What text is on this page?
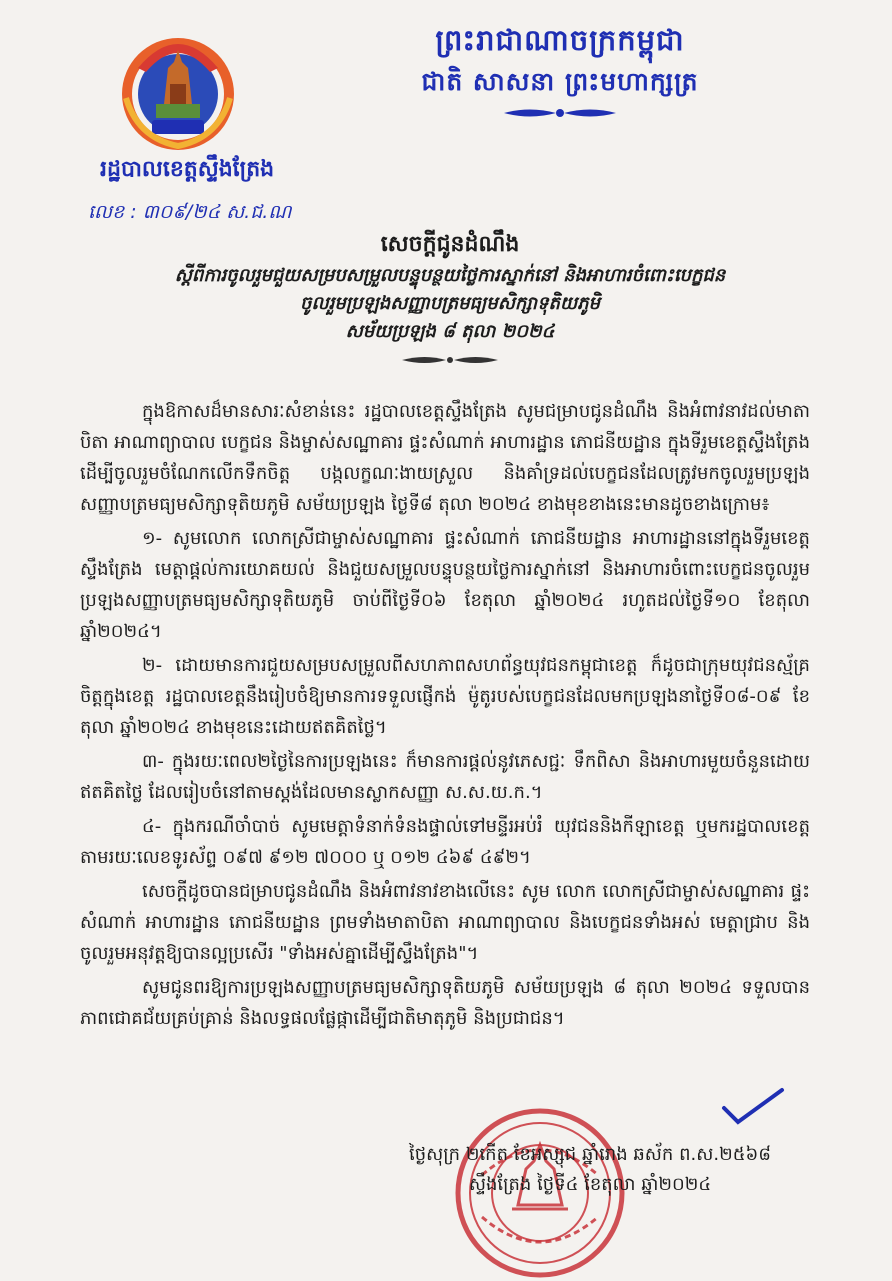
ព្រះរាជាណាចក្រកម្ពុជា
ជាតិ សាសនា ព្រះមហាក្សត្រ
រដ្ឋបាលខេត្តស្ទឹងត្រែង
លេខ : ៣០៩/២៤ ស.ជ.ណ
សេចក្តីជូនដំណឹង
ស្តីពីការចូលរួមជួយសម្របសម្រួលបន្ទុបន្ថយថ្លៃការស្នាក់នៅ និងអាហារចំពោះបេក្ខជន
ចូលរួមប្រឡងសញ្ញាបត្រមធ្យមសិក្សាទុតិយភូមិ
សម័យប្រឡង ៨ តុលា ២០២៤

ក្នុងឱកាសដ៏មានសារៈសំខាន់នេះ រដ្ឋបាលខេត្តស្ទឹងត្រែង សូមជម្រាបជូនដំណឹង និងអំពាវនាវដល់មាតាបិតា អាណាព្យាបាល បេក្ខជន និងម្ចាស់សណ្ឋាគារ ផ្ទះសំណាក់ អាហារដ្ឋាន ភោជនីយដ្ឋាន ក្នុងទីរួមខេត្តស្ទឹងត្រែង ដើម្បីចូលរួមចំណែកលើកទឹកចិត្ត បង្កលក្ខណៈងាយស្រួល និងគាំទ្រដល់បេក្ខជនដែលត្រូវមកចូលរួមប្រឡងសញ្ញាបត្រមធ្យមសិក្សាទុតិយភូមិ សម័យប្រឡង ថ្ងៃទី៨ តុលា ២០២៤ ខាងមុខខាងនេះមានដូចខាងក្រោម៖

១- សូមលោក លោកស្រីជាម្ចាស់សណ្ឋាគារ ផ្ទះសំណាក់ ភោជនីយដ្ឋាន អាហារដ្ឋាននៅក្នុងទីរួមខេត្តស្ទឹងត្រែង មេត្តាផ្តល់ការយោគយល់ និងជួយសម្រួលបន្ទុបន្ថយថ្លៃការស្នាក់នៅ និងអាហារចំពោះបេក្ខជនចូលរួមប្រឡងសញ្ញាបត្រមធ្យមសិក្សាទុតិយភូមិ ចាប់ពីថ្ងៃទី០៦ ខែតុលា ឆ្នាំ២០២៤ រហូតដល់ថ្ងៃទី១០ ខែតុលា ឆ្នាំ២០២៤។

២- ដោយមានការជួយសម្របសម្រួលពីសហភាពសហព័ន្ធយុវជនកម្ពុជាខេត្ត ក៏ដូចជាក្រុមយុវជនស្ម័គ្រចិត្តក្នុងខេត្ត រដ្ឋបាលខេត្តនឹងរៀបចំឱ្យមានការទទួលផ្ញើកង់ ម៉ូតូរបស់បេក្ខជនដែលមកប្រឡងនាថ្ងៃទី០៨-០៩ ខែតុលា ឆ្នាំ២០២៤ ខាងមុខនេះដោយឥតគិតថ្លៃ។

៣- ក្នុងរយៈពេល២ថ្ងៃនៃការប្រឡងនេះ ក៏មានការផ្តល់នូវភេសជ្ជៈ ទឹកពិសា និងអាហារមួយចំនួនដោយឥតគិតថ្លៃ ដែលរៀបចំនៅតាមស្តង់ដែលមានស្លាកសញ្ញា ស.ស.យ.ក.។

៤- ក្នុងករណីចាំបាច់ សូមមេត្តាទំនាក់ទំនងផ្ទាល់ទៅមន្ទីរអប់រំ យុវជននិងកីឡាខេត្ត ឬមករដ្ឋបាលខេត្ត តាមរយៈលេខទូរស័ព្ទ ០៩៧ ៩១២ ៧០០០ ឬ ០១២ ៤៦៩ ៤៩២។

សេចក្តីដូចបានជម្រាបជូនដំណឹង និងអំពាវនាវខាងលើនេះ សូម លោក លោកស្រីជាម្ចាស់សណ្ឋាគារ ផ្ទះសំណាក់ អាហារដ្ឋាន ភោជនីយដ្ឋាន ព្រមទាំងមាតាបិតា អាណាព្យាបាល និងបេក្ខជនទាំងអស់ មេត្តាជ្រាប និងចូលរួមអនុវត្តឱ្យបានល្អប្រសើរ "ទាំងអស់គ្នាដើម្បីស្ទឹងត្រែង"។

សូមជូនពរឱ្យការប្រឡងសញ្ញាបត្រមធ្យមសិក្សាទុតិយភូមិ សម័យប្រឡង ៨ តុលា ២០២៤ ទទួលបានភាពជោគជ័យគ្រប់គ្រាន់ និងលទ្ធផលផ្លែផ្កាដើម្បីជាតិមាតុភូមិ និងប្រជាជន។

ថ្ងៃសុក្រ ២កើត ខែអស្សុជ ឆ្នាំរោង ឆស័ក ព.ស.២៥៦៨
ស្ទឹងត្រែង ថ្ងៃទី៤ ខែតុលា ឆ្នាំ២០២៤
